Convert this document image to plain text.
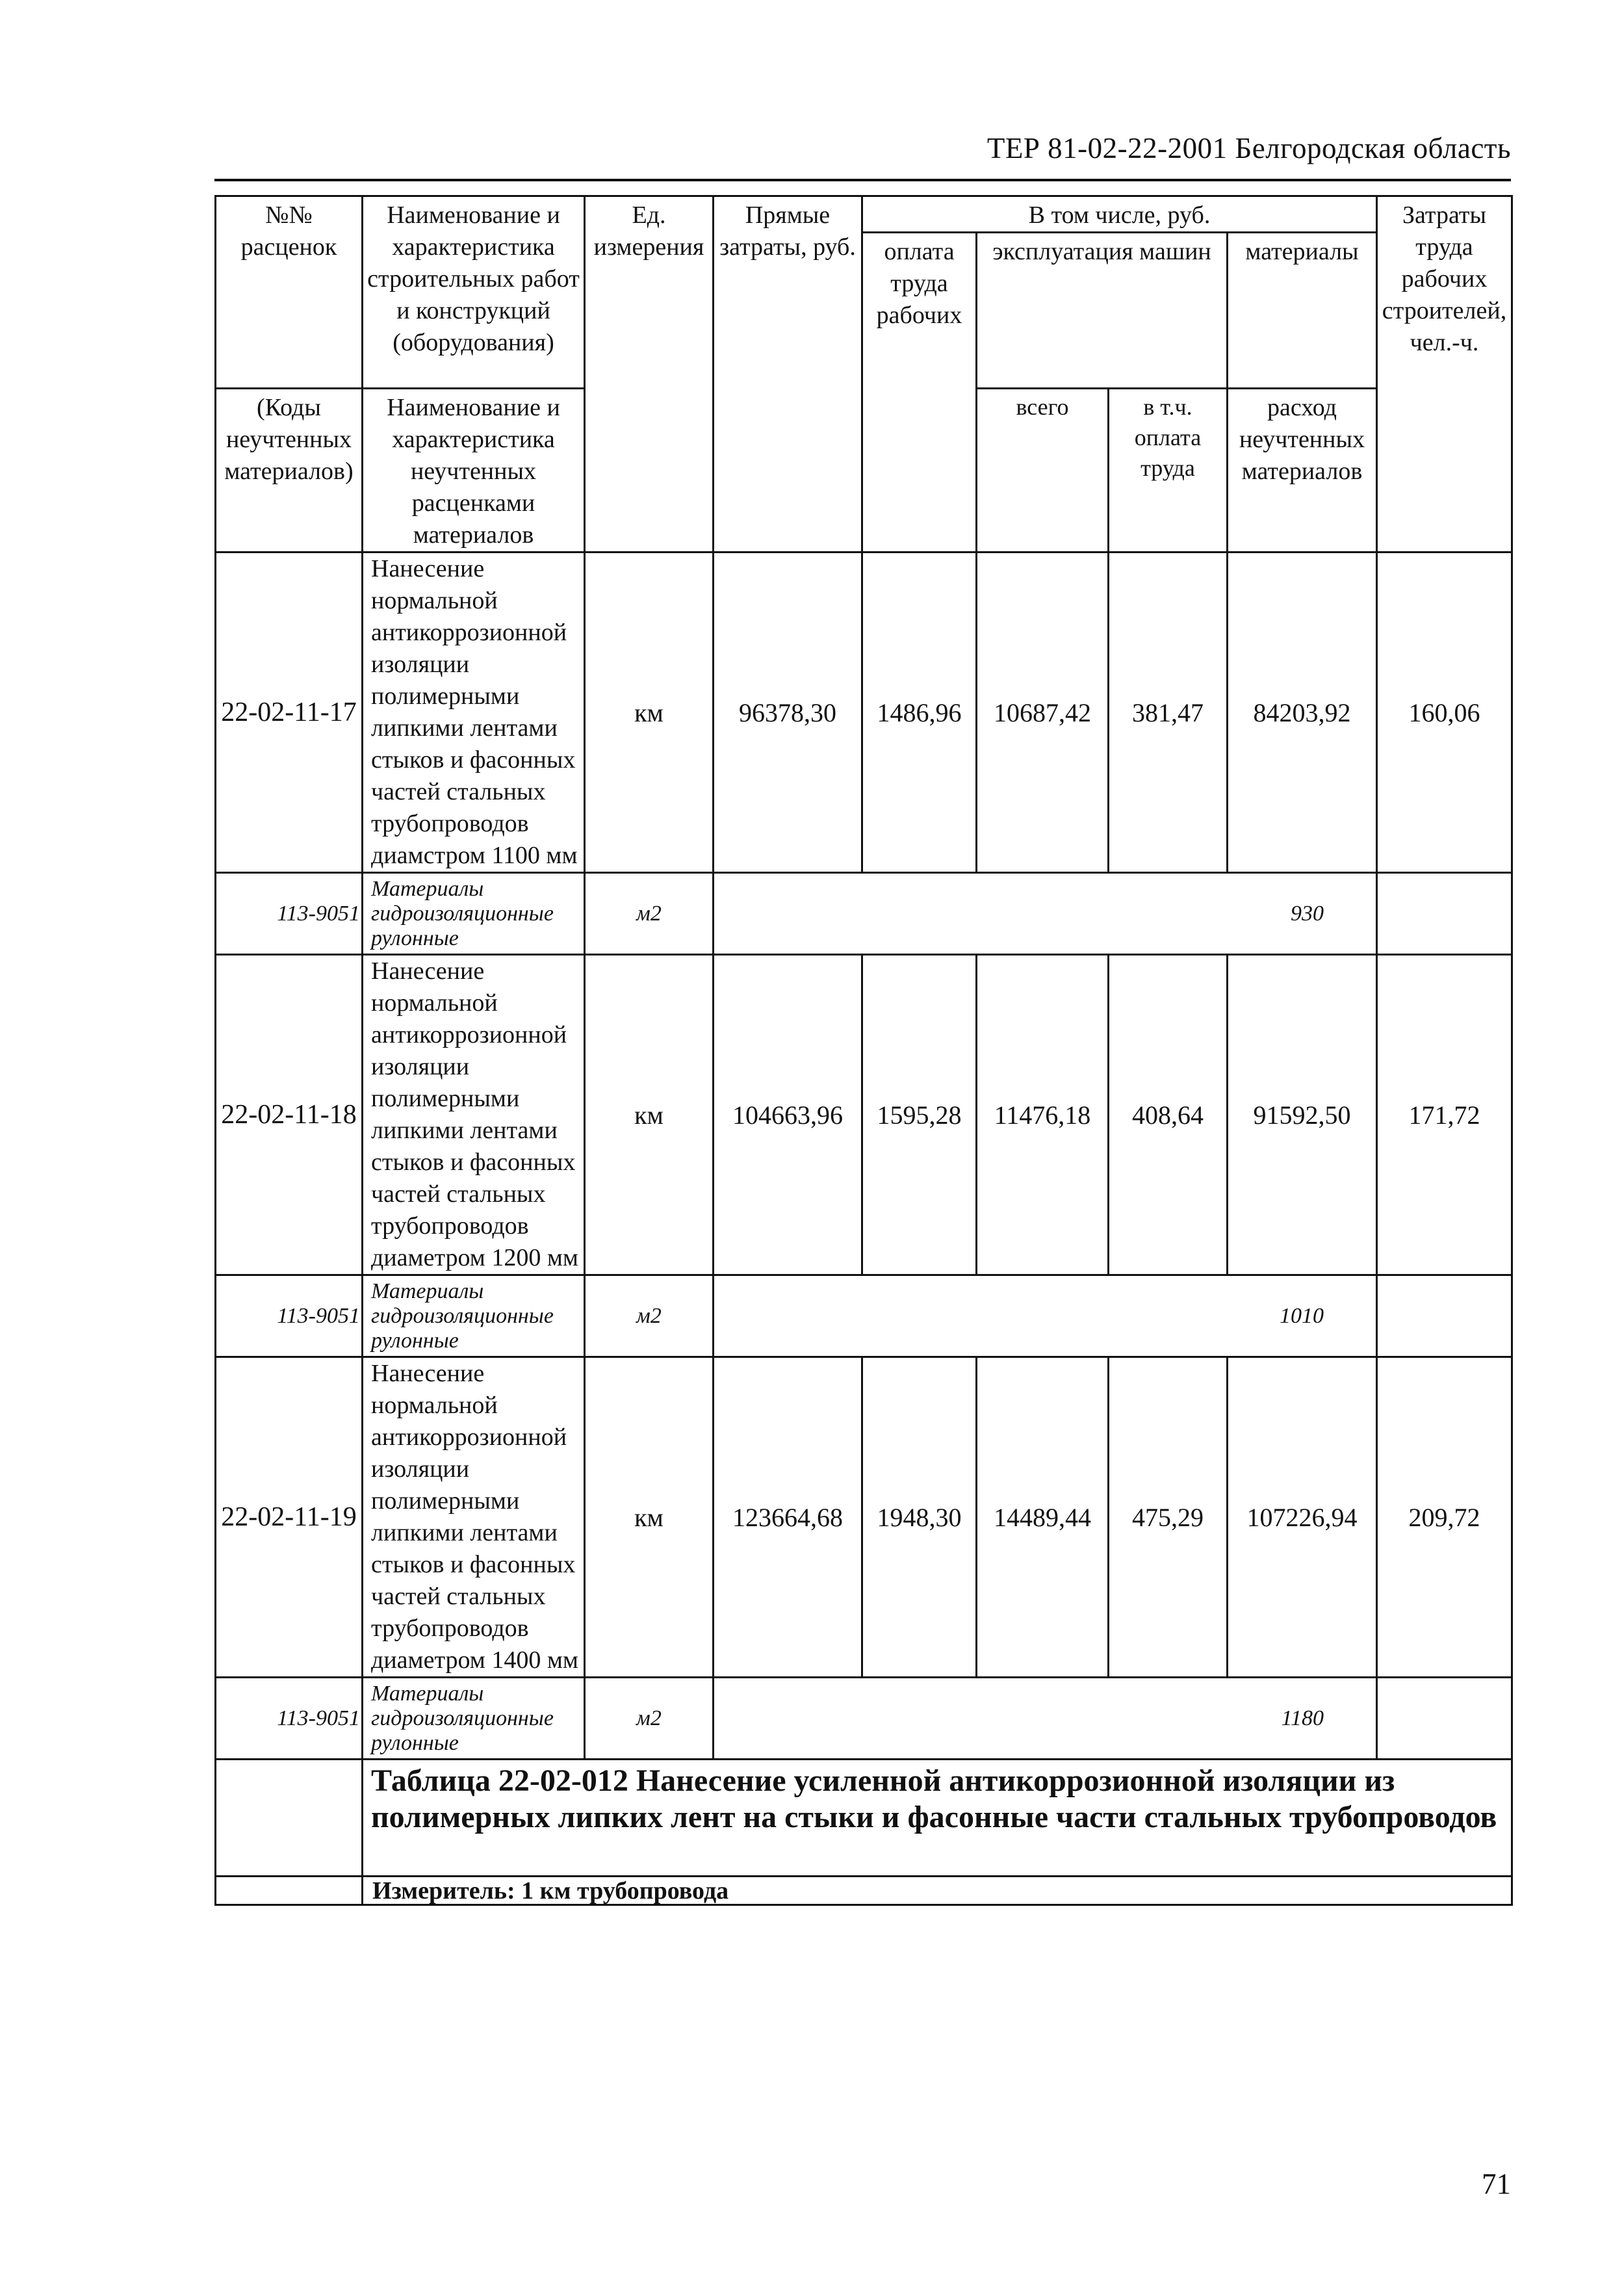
ТЕР 81-02-22-2001 Белгородская область
№№ расценок	Наименование и характеристика строительных работ и конструкций (оборудования)	Ед. измерения	Прямые затраты, руб.	В том числе, руб.				Затраты труда рабочих строителей, чел.-ч.
				оплата труда рабочих	эксплуатация машин		материалы	
(Коды неучтенных материалов)	Наименование и характеристика неучтенных расценками материалов				всего	в т.ч. оплата труда	расход неучтенных материалов	

22-02-11-17	Нанесение нормальной антикоррозионной изоляции полимерными липкими лентами стыков и фасонных частей стальных трубопроводов диамстром 1100 мм	км	96378,30	1486,96	10687,42	381,47	84203,92	160,06
113-9051	Материалы гидроизоляционные рулонные	м2	930					
22-02-11-18	Нанесение нормальной антикоррозионной изоляции полимерными липкими лентами стыков и фасонных частей стальных трубопроводов диаметром 1200 мм	км	104663,96	1595,28	11476,18	408,64	91592,50	171,72
113-9051	Материалы гидроизоляционные рулонные	м2	1010					
22-02-11-19	Нанесение нормальной антикоррозионной изоляции полимерными липкими лентами стыков и фасонных частей стальных трубопроводов диаметром 1400 мм	км	123664,68	1948,30	14489,44	475,29	107226,94	209,72
113-9051	Материалы гидроизоляционные рулонные	м2	1180					
	Таблица 22-02-012 Нанесение усиленной антикоррозионной изоляции из полимерных липких лент на стыки и фасонные части стальных трубопроводов							
	Измеритель: 1 км трубопровода							
71
